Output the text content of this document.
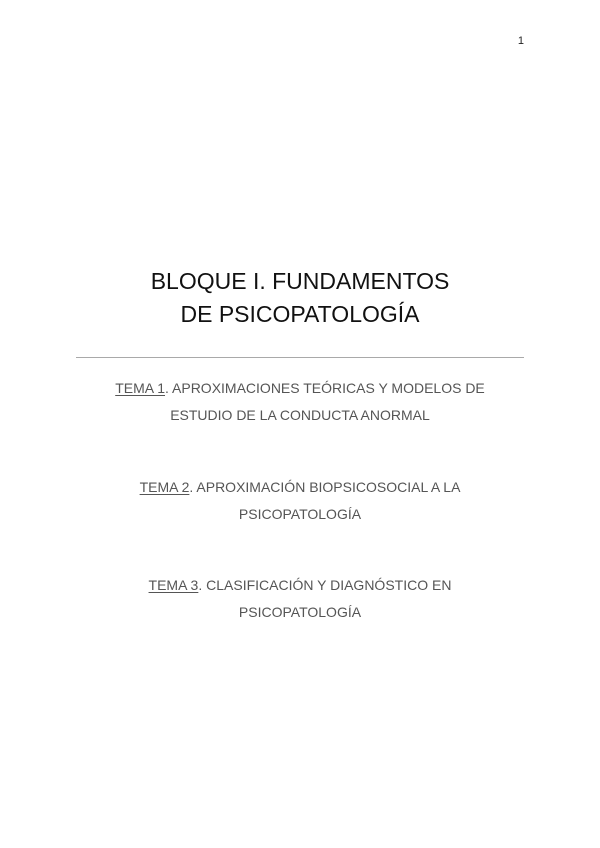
1
BLOQUE I. FUNDAMENTOS
DE PSICOPATOLOGÍA
TEMA 1. APROXIMACIONES TEÓRICAS Y MODELOS DE
ESTUDIO DE LA CONDUCTA ANORMAL
TEMA 2. APROXIMACIÓN BIOPSICOSOCIAL A LA
PSICOPATOLOGÍA
TEMA 3. CLASIFICACIÓN Y DIAGNÓSTICO EN
PSICOPATOLOGÍA
